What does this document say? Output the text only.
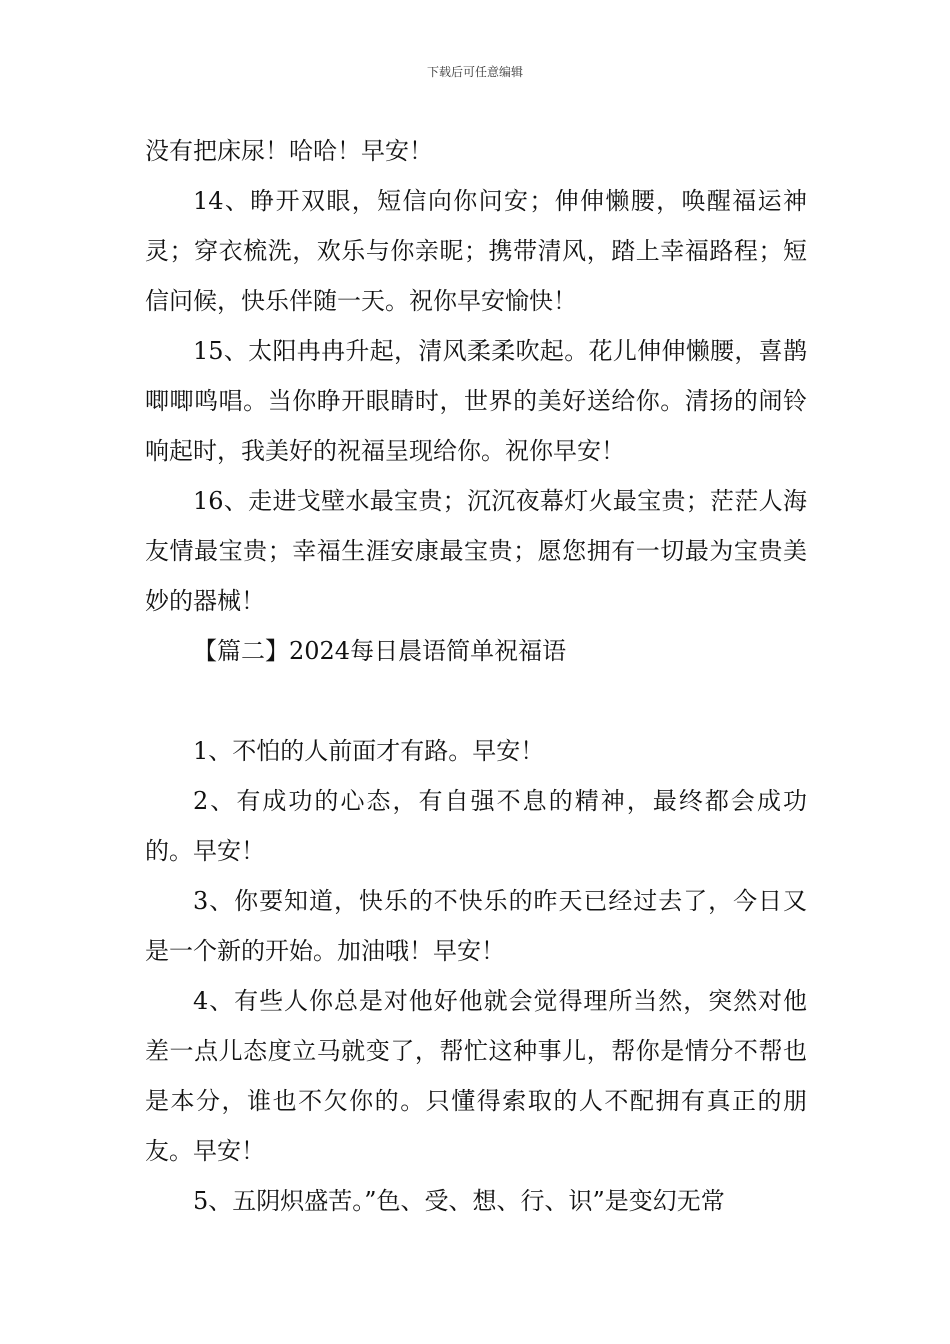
下载后可任意编辑

没有把床尿！哈哈！早安！

14、睁开双眼，短信向你问安；伸伸懒腰，唤醒福运神灵；穿衣梳洗，欢乐与你亲昵；携带清风，踏上幸福路程；短信问候，快乐伴随一天。祝你早安愉快！

15、太阳冉冉升起，清风柔柔吹起。花儿伸伸懒腰，喜鹊唧唧鸣唱。当你睁开眼睛时，世界的美好送给你。清扬的闹铃响起时，我美好的祝福呈现给你。祝你早安！

16、走进戈壁水最宝贵；沉沉夜幕灯火最宝贵；茫茫人海友情最宝贵；幸福生涯安康最宝贵；愿您拥有一切最为宝贵美妙的器械！

【篇二】2024每日晨语简单祝福语

1、不怕的人前面才有路。早安！

2、有成功的心态，有自强不息的精神，最终都会成功的。早安！

3、你要知道，快乐的不快乐的昨天已经过去了，今日又是一个新的开始。加油哦！早安！

4、有些人你总是对他好他就会觉得理所当然，突然对他差一点儿态度立马就变了，帮忙这种事儿，帮你是情分不帮也是本分，谁也不欠你的。只懂得索取的人不配拥有真正的朋友。早安！

5、五阴炽盛苦。”色、受、想、行、识”是变幻无常
